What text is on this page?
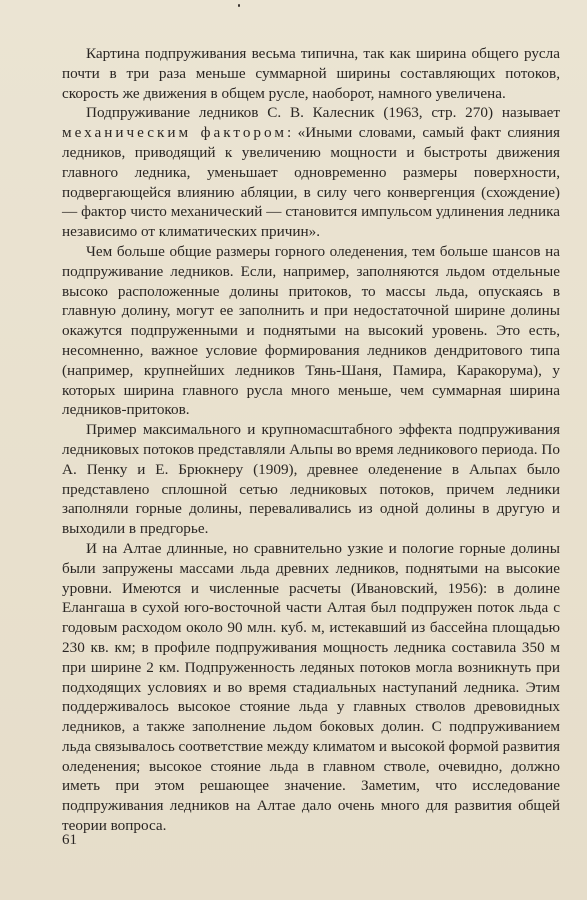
Картина подпруживания весьма типична, так как ширина общего русла почти в три раза меньше суммарной ширины составляющих потоков, скорость же движения в общем русле, наоборот, намного увеличена.

Подпруживание ледников С. В. Калесник (1963, стр. 270) называет механическим фактором: «Иными словами, самый факт слияния ледников, приводящий к увеличению мощности и быстроты движения главного ледника, уменьшает одновременно размеры поверхности, подвергающейся влиянию абляции, в силу чего конвергенция (схождение) — фактор чисто механический — становится импульсом удлинения ледника независимо от климатических причин».

Чем больше общие размеры горного оледенения, тем больше шансов на подпруживание ледников. Если, например, заполняются льдом отдельные высоко расположенные долины притоков, то массы льда, опускаясь в главную долину, могут ее заполнить и при недостаточной ширине долины окажутся подпруженными и поднятыми на высокий уровень. Это есть, несомненно, важное условие формирования ледников дендритового типа (например, крупнейших ледников Тянь-Шаня, Памира, Каракорума), у которых ширина главного русла много меньше, чем суммарная ширина ледников-притоков.

Пример максимального и крупномасштабного эффекта подпруживания ледниковых потоков представляли Альпы во время ледникового периода. По А. Пенку и Е. Брюкнеру (1909), древнее оледенение в Альпах было представлено сплошной сетью ледниковых потоков, причем ледники заполняли горные долины, переваливались из одной долины в другую и выходили в предгорье.

И на Алтае длинные, но сравнительно узкие и пологие горные долины были запружены массами льда древних ледников, поднятыми на высокие уровни. Имеются и численные расчеты (Ивановский, 1956): в долине Елангаша в сухой юго-восточной части Алтая был подпружен поток льда с годовым расходом около 90 млн. куб. м, истекавший из бассейна площадью 230 кв. км; в профиле подпруживания мощность ледника составила 350 м при ширине 2 км. Подпруженность ледяных потоков могла возникнуть при подходящих условиях и во время стадиальных наступаний ледника. Этим поддерживалось высокое стояние льда у главных стволов древовидных ледников, а также заполнение льдом боковых долин. С подпруживанием льда связывалось соответствие между климатом и высокой формой развития оледенения; высокое стояние льда в главном стволе, очевидно, должно иметь при этом решающее значение. Заметим, что исследование подпруживания ледников на Алтае дало очень много для развития общей теории вопроса.

61
